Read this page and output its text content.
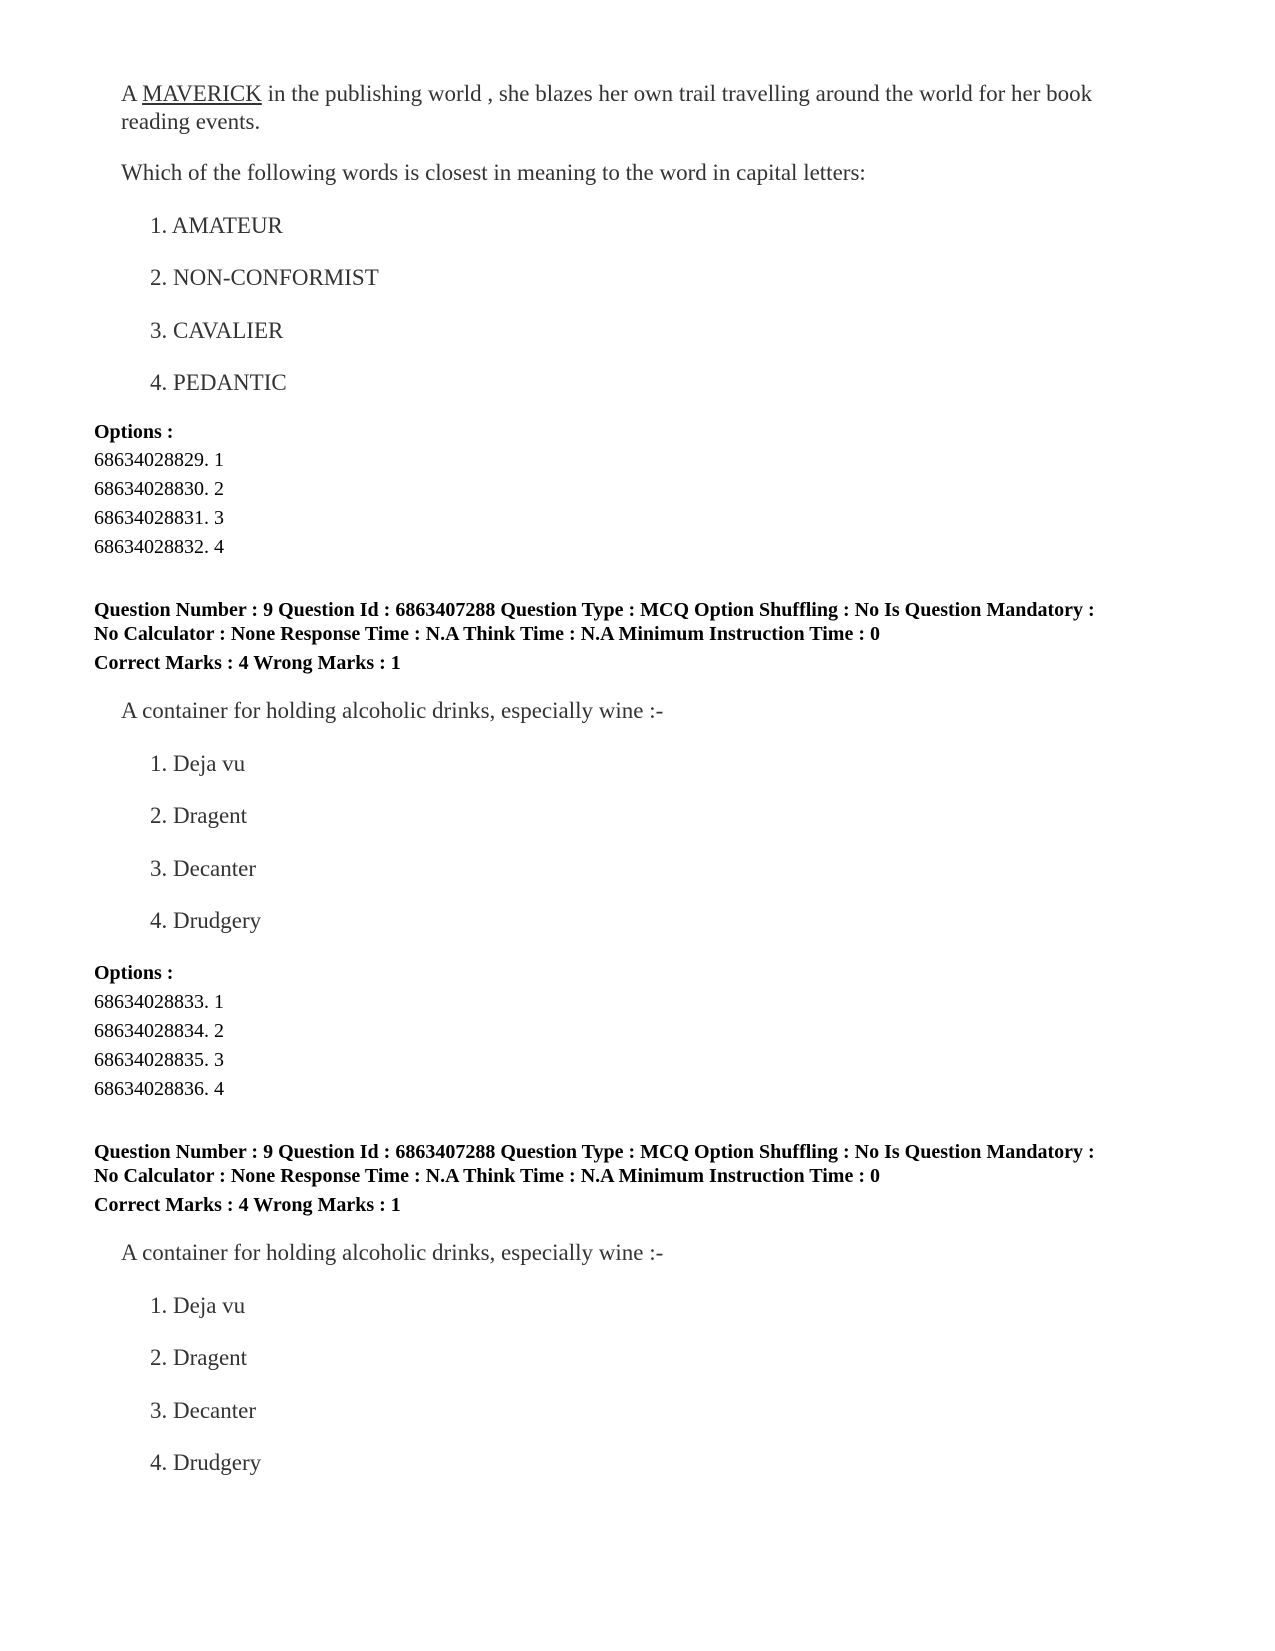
A MAVERICK in the publishing world , she blazes her own trail travelling around the world for her book reading events.
Which of the following words is closest in meaning to the word in capital letters:
1. AMATEUR
2. NON-CONFORMIST
3. CAVALIER
4. PEDANTIC
Options :
68634028829. 1
68634028830. 2
68634028831. 3
68634028832. 4
Question Number : 9 Question Id : 6863407288 Question Type : MCQ Option Shuffling : No Is Question Mandatory :
No Calculator : None Response Time : N.A Think Time : N.A Minimum Instruction Time : 0
Correct Marks : 4 Wrong Marks : 1
A container for holding alcoholic drinks, especially wine :-
1. Deja vu
2. Dragent
3. Decanter
4. Drudgery
Options :
68634028833. 1
68634028834. 2
68634028835. 3
68634028836. 4
Question Number : 9 Question Id : 6863407288 Question Type : MCQ Option Shuffling : No Is Question Mandatory :
No Calculator : None Response Time : N.A Think Time : N.A Minimum Instruction Time : 0
Correct Marks : 4 Wrong Marks : 1
A container for holding alcoholic drinks, especially wine :-
1. Deja vu
2. Dragent
3. Decanter
4. Drudgery
